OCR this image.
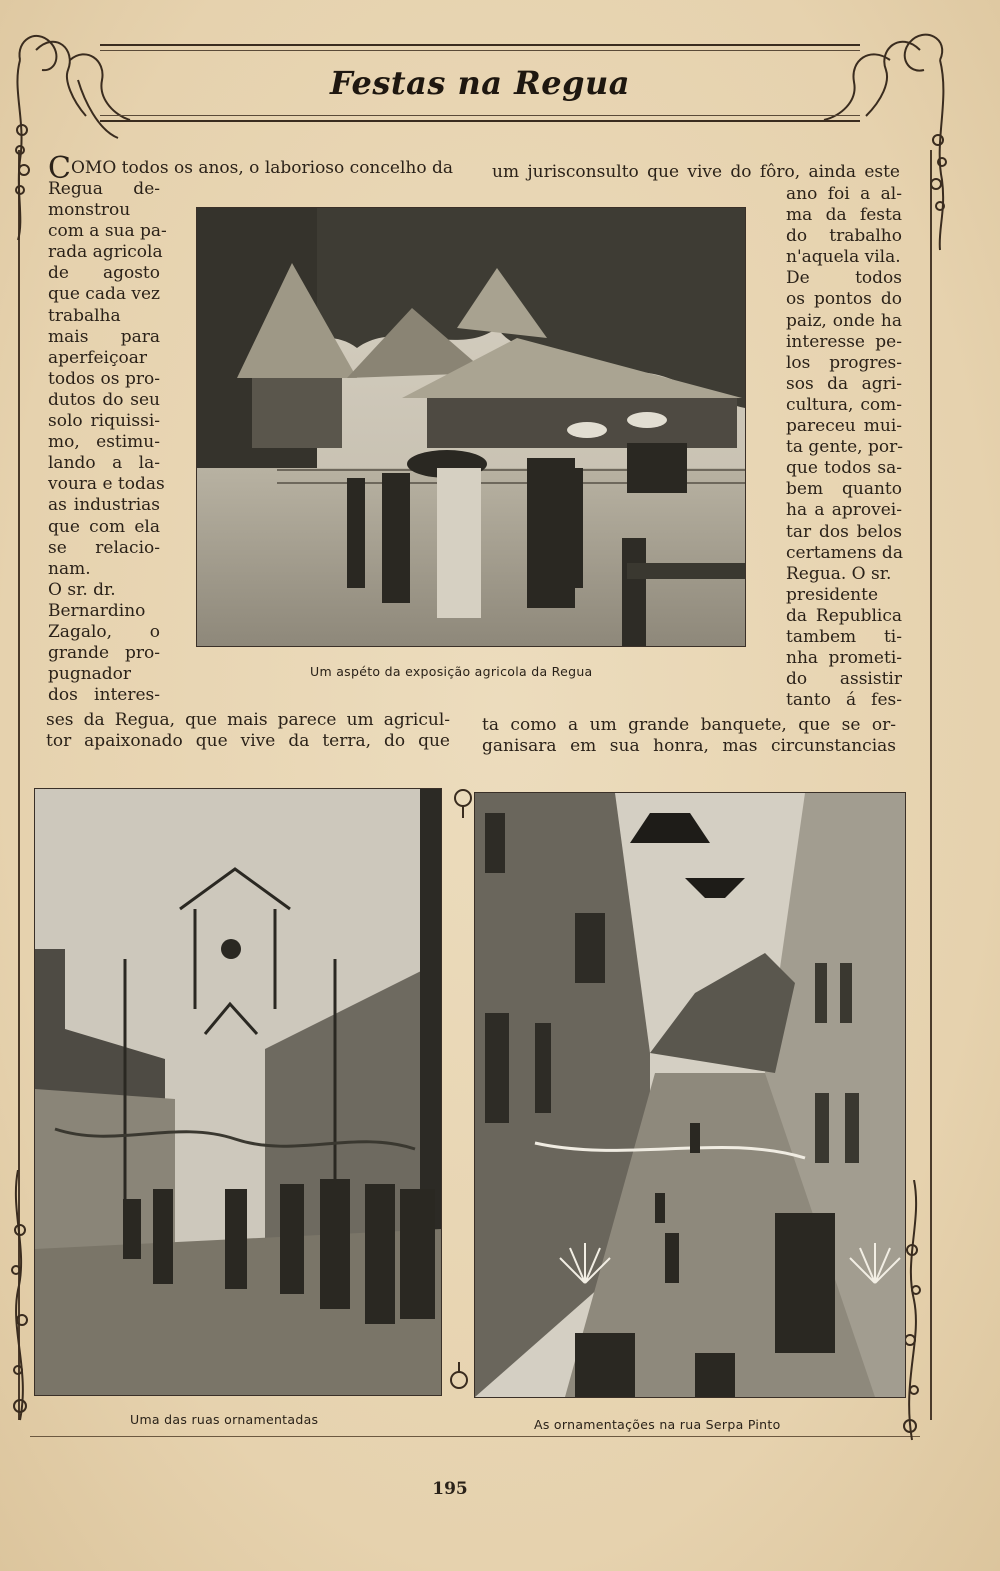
Festas na Regua
COMO todos os anos, o laborioso concelho da
Regua de-
monstrou
com a sua pa-
rada agricola
de agosto
que cada vez
trabalha
mais para
aperfeiçoar
todos os pro-
dutos do seu
solo riquissi-
mo, estimu-
lando a la-
voura e todas
as industrias
que com ela
se relacio-
nam.
O sr. dr.
Bernardino
Zagalo, o
grande pro-
pugnador
dos interes-
um jurisconsulto que vive do fôro, ainda este
ano foi a al-
ma da festa
do trabalho
n'aquela vila.
De todos
os pontos do
paiz, onde ha
interesse pe-
los progres-
sos da agri-
cultura, com-
pareceu mui-
ta gente, por-
que todos sa-
bem quanto
ha a aprovei-
tar dos belos
certamens da
Regua. O sr.
presidente
da Republica
tambem ti-
nha prometi-
do assistir
tanto á fes-
ses da Regua, que mais parece um agricul-
tor apaixonado que vive da terra, do que
ta como a um grande banquete, que se or-
ganisara em sua honra, mas circunstancias
Um aspéto da exposição agricola da Regua
Uma das ruas ornamentadas	As ornamentações na rua Serpa Pinto
195
